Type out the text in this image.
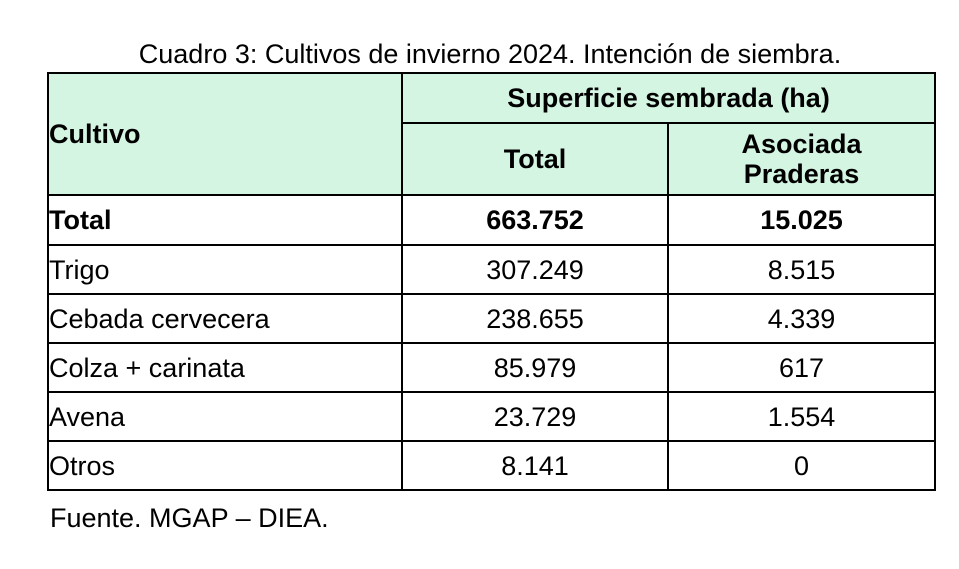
Cuadro 3: Cultivos de invierno 2024. Intención de siembra.
Cultivo	Superficie sembrada (ha)	
	Total	Asociada
Praderas
Total	663.752	15.025
Trigo	307.249	8.515
Cebada cervecera	238.655	4.339
Colza + carinata	85.979	617
Avena	23.729	1.554
Otros	8.141	0
Fuente. MGAP – DIEA.
